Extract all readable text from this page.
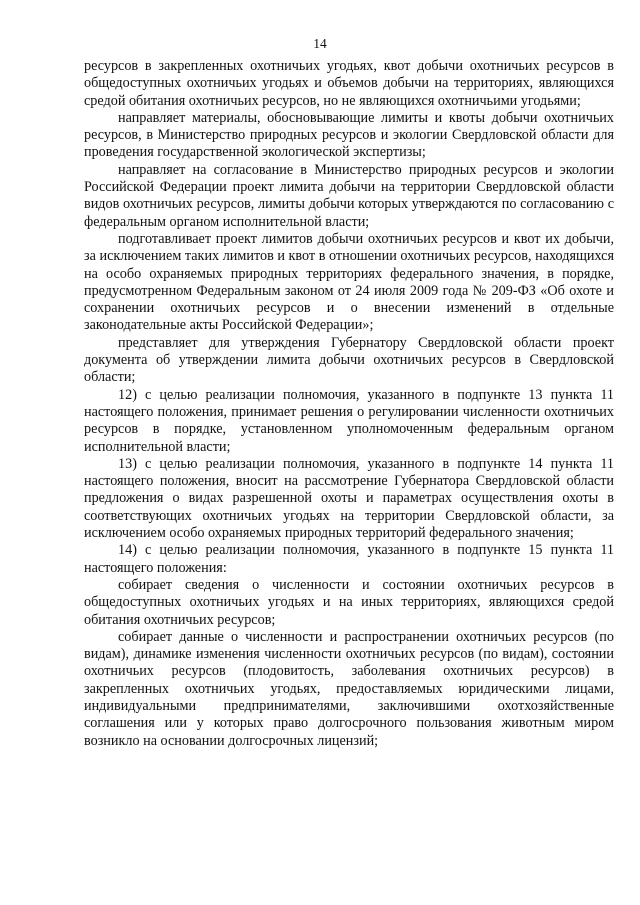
14

ресурсов в закрепленных охотничьих угодьях, квот добычи охотничьих ресурсов в общедоступных охотничьих угодьях и объемов добычи на территориях, являющихся средой обитания охотничьих ресурсов, но не являющихся охотничьими угодьями;

направляет материалы, обосновывающие лимиты и квоты добычи охотничьих ресурсов, в Министерство природных ресурсов и экологии Свердловской области для проведения государственной экологической экспертизы;

направляет на согласование в Министерство природных ресурсов и экологии Российской Федерации проект лимита добычи на территории Свердловской области видов охотничьих ресурсов, лимиты добычи которых утверждаются по согласованию с федеральным органом исполнительной власти;

подготавливает проект лимитов добычи охотничьих ресурсов и квот их добычи, за исключением таких лимитов и квот в отношении охотничьих ресурсов, находящихся на особо охраняемых природных территориях федерального значения, в порядке, предусмотренном Федеральным законом от 24 июля 2009 года № 209-ФЗ «Об охоте и сохранении охотничьих ресурсов и о внесении изменений в отдельные законодательные акты Российской Федерации»;

представляет для утверждения Губернатору Свердловской области проект документа об утверждении лимита добычи охотничьих ресурсов в Свердловской области;

12) с целью реализации полномочия, указанного в подпункте 13 пункта 11 настоящего положения, принимает решения о регулировании численности охотничьих ресурсов в порядке, установленном уполномоченным федеральным органом исполнительной власти;

13) с целью реализации полномочия, указанного в подпункте 14 пункта 11 настоящего положения, вносит на рассмотрение Губернатора Свердловской области предложения о видах разрешенной охоты и параметрах осуществления охоты в соответствующих охотничьих угодьях на территории Свердловской области, за исключением особо охраняемых природных территорий федерального значения;

14) с целью реализации полномочия, указанного в подпункте 15 пункта 11 настоящего положения:

собирает сведения о численности и состоянии охотничьих ресурсов в общедоступных охотничьих угодьях и на иных территориях, являющихся средой обитания охотничьих ресурсов;

собирает данные о численности и распространении охотничьих ресурсов (по видам), динамике изменения численности охотничьих ресурсов (по видам), состоянии охотничьих ресурсов (плодовитость, заболевания охотничьих ресурсов) в закрепленных охотничьих угодьях, предоставляемых юридическими лицами, индивидуальными предпринимателями, заключившими охотхозяйственные соглашения или у которых право долгосрочного пользования животным миром возникло на основании долгосрочных лицензий;
